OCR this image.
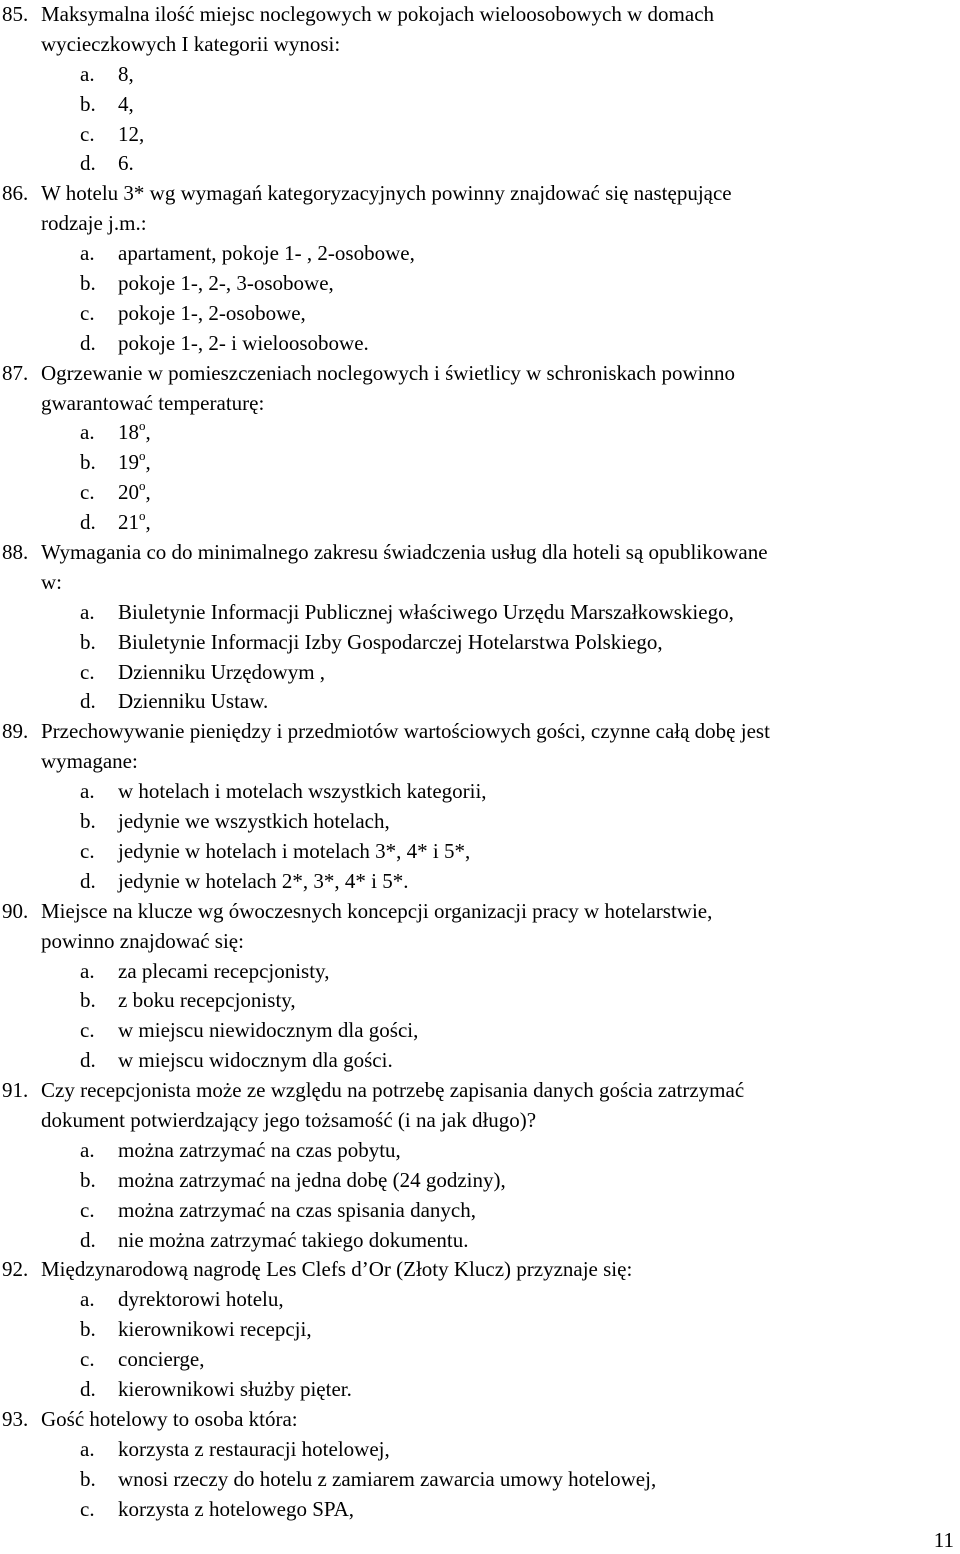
85. Maksymalna ilość miejsc noclegowych w pokojach wieloosobowych w domach
wycieczkowych I kategorii wynosi:
a. 8,
b. 4,
c. 12,
d. 6.
86. W hotelu 3* wg wymagań kategoryzacyjnych powinny znajdować się następujące
rodzaje j.m.:
a. apartament, pokoje 1- , 2-osobowe,
b. pokoje 1-, 2-, 3-osobowe,
c. pokoje 1-, 2-osobowe,
d. pokoje 1-, 2- i wieloosobowe.
87. Ogrzewanie w pomieszczeniach noclegowych i świetlicy w schroniskach powinno
gwarantować temperaturę:
a. 18$^o$,
b. 19$^o$,
c. 20$^o$,
d. 21$^o$,
88. Wymagania co do minimalnego zakresu świadczenia usług dla hoteli są opublikowane
w:
a. Biuletynie Informacji Publicznej właściwego Urzędu Marszałkowskiego,
b. Biuletynie Informacji Izby Gospodarczej Hotelarstwa Polskiego,
c. Dzienniku Urzędowym ,
d. Dzienniku Ustaw.
89. Przechowywanie pieniędzy i przedmiotów wartościowych gości, czynne całą dobę jest
wymagane:
a. w hotelach i motelach wszystkich kategorii,
b. jedynie we wszystkich hotelach,
c. jedynie w hotelach i motelach 3*, 4* i 5*,
d. jedynie w hotelach 2*, 3*, 4* i 5*.
90. Miejsce na klucze wg ówoczesnych koncepcji organizacji pracy w hotelarstwie,
powinno znajdować się:
a. za plecami recepcjonisty,
b. z boku recepcjonisty,
c. w miejscu niewidocznym dla gości,
d. w miejscu widocznym dla gości.
91. Czy recepcjonista może ze względu na potrzebę zapisania danych gościa zatrzymać
dokument potwierdzający jego tożsamość (i na jak długo)?
a. można zatrzymać na czas pobytu,
b. można zatrzymać na jedna dobę (24 godziny),
c. można zatrzymać na czas spisania danych,
d. nie można zatrzymać takiego dokumentu.
92. Międzynarodową nagrodę Les Clefs d’Or (Złoty Klucz) przyznaje się:
a. dyrektorowi hotelu,
b. kierownikowi recepcji,
c. concierge,
d. kierownikowi służby pięter.
93. Gość hotelowy to osoba która:
a. korzysta z restauracji hotelowej,
b. wnosi rzeczy do hotelu z zamiarem zawarcia umowy hotelowej,
c. korzysta z hotelowego SPA,
11
